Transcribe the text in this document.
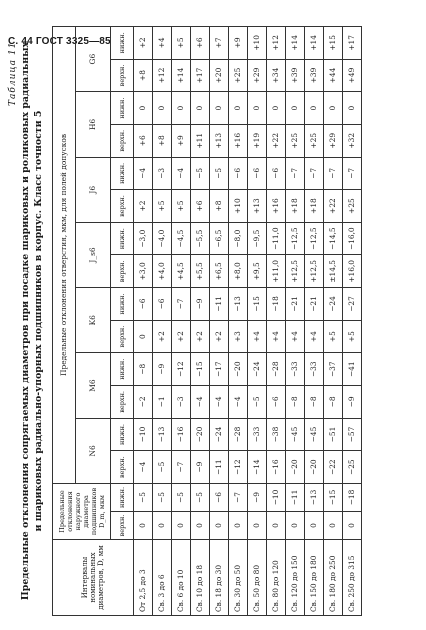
С. 44 ГОСТ 3325—85
Таблица 11 Предельные отклонения сопрягаемых диаметров при посадке шариковых и роликовых радиальных и шариковых радиально-упорных подшипников в корпус. Класс точности 5
Интервалы номинальных диаметров, D, мм	Предельные отклонения наружного диаметра подшипников D_m, мкм		Предельные отклонения отверстия, мкм, для полей допусков													
			N6		M6		K6		J_s6		J6		H6		G6	
	верхн.	нижн.	верхн.	нижн.	верхн.	нижн.	верхн.	нижн.	верхн.	нижн.	верхн.	нижн.	верхн.	нижн.	верхн.	нижн.
От 2,5 до 3	0	−5	−4	−10	−2	−8	0	−6	+3,0	−3,0	+2	−4	+6	0	+8	+2
Св. 3 до 6	0	−5	−5	−13	−1	−9	+2	−6	+4,0	−4,0	+5	−3	+8	0	+12	+4
Св. 6 до 10	0	−5	−7	−16	−3	−12	+2	−7	+4,5	−4,5	+5	−4	+9	0	+14	+5
Св. 10 до 18	0	−5	−9	−20	−4	−15	+2	−9	+5,5	−5,5	+6	−5	+11	0	+17	+6
Св. 18 до 30	0	−6	−11	−24	−4	−17	+2	−11	+6,5	−6,5	+8	−5	+13	0	+20	+7
Св. 30 до 50	0	−7	−12	−28	−4	−20	+3	−13	+8,0	−8,0	+10	−6	+16	0	+25	+9
Св. 50 до 80	0	−9	−14	−33	−5	−24	+4	−15	+9,5	−9,5	+13	−6	+19	0	+29	+10
Св. 80 до 120	0	−10	−16	−38	−6	−28	+4	−18	+11,0	−11,0	+16	−6	+22	0	+34	+12
Св. 120 до 150	0	−11	−20	−45	−8	−33	+4	−21	+12,5	−12,5	+18	−7	+25	0	+39	+14
Св. 150 до 180	0	−13	−20	−45	−8	−33	+4	−21	+12,5	−12,5	+18	−7	+25	0	+39	+14
Св. 180 до 250	0	−15	−22	−51	−8	−37	+5	−24	±14,5	−14,5	+22	−7	+29	0	+44	+15
Св. 250 до 315	0	−18	−25	−57	−9	−41	+5	−27	+16,0	−16,0	+25	−7	+32	0	+49	+17
